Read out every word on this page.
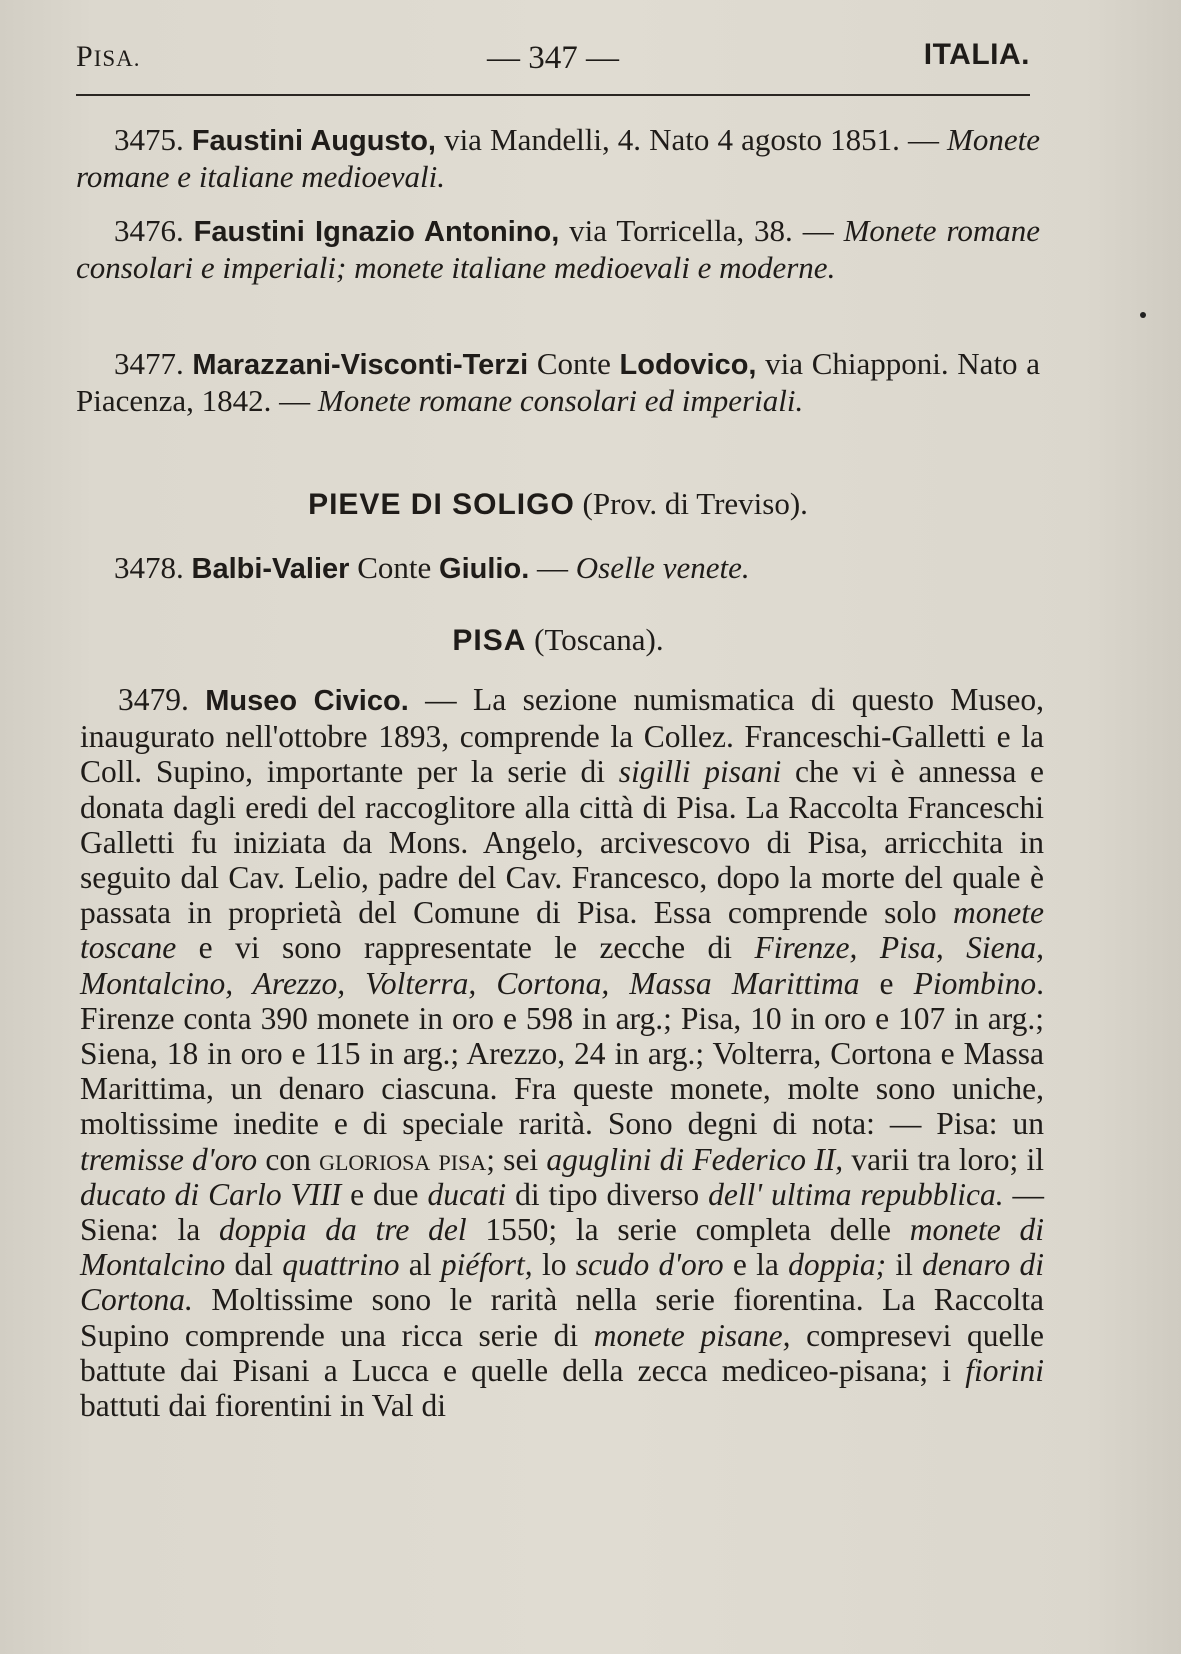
PISA.	— 347 —	ITALIA.
3475. Faustini Augusto, via Mandelli, 4. Nato 4 agosto 1851. — Monete romane e italiane medioevali.
3476. Faustini Ignazio Antonino, via Torricella, 38. — Monete romane consolari e imperiali; monete italiane medioevali e moderne.
3477. Marazzani-Visconti-Terzi Conte Lodovico, via Chiapponi. Nato a Piacenza, 1842. — Monete romane consolari ed imperiali.
PIEVE DI SOLIGO (Prov. di Treviso).
3478. Balbi-Valier Conte Giulio. — Oselle venete.
PISA (Toscana).
3479. Museo Civico. — La sezione numismatica di questo Museo, inaugurato nell'ottobre 1893, comprende la Collez. Franceschi-Galletti e la Coll. Supino, importante per la serie di sigilli pisani che vi è annessa e donata dagli eredi del raccoglitore alla città di Pisa. La Raccolta Franceschi Galletti fu iniziata da Mons. Angelo, arcivescovo di Pisa, arricchita in seguito dal Cav. Lelio, padre del Cav. Francesco, dopo la morte del quale è passata in proprietà del Comune di Pisa. Essa comprende solo monete toscane e vi sono rappresentate le zecche di Firenze, Pisa, Siena, Montalcino, Arezzo, Volterra, Cortona, Massa Marittima e Piombino. Firenze conta 390 monete in oro e 598 in arg.; Pisa, 10 in oro e 107 in arg.; Siena, 18 in oro e 115 in arg.; Arezzo, 24 in arg.; Volterra, Cortona e Massa Marittima, un denaro ciascuna. Fra queste monete, molte sono uniche, moltissime inedite e di speciale rarità. Sono degni di nota: — Pisa: un tremisse d'oro con gloriosa pisa; sei aguglini di Federico II, varii tra loro; il ducato di Carlo VIII e due ducati di tipo diverso dell' ultima repubblica. — Siena: la doppia da tre del 1550; la serie completa delle monete di Montalcino dal quattrino al piéfort, lo scudo d'oro e la doppia; il denaro di Cortona. Moltissime sono le rarità nella serie fiorentina. La Raccolta Supino comprende una ricca serie di monete pisane, compresevi quelle battute dai Pisani a Lucca e quelle della zecca mediceo-pisana; i fiorini battuti dai fiorentini in Val di
